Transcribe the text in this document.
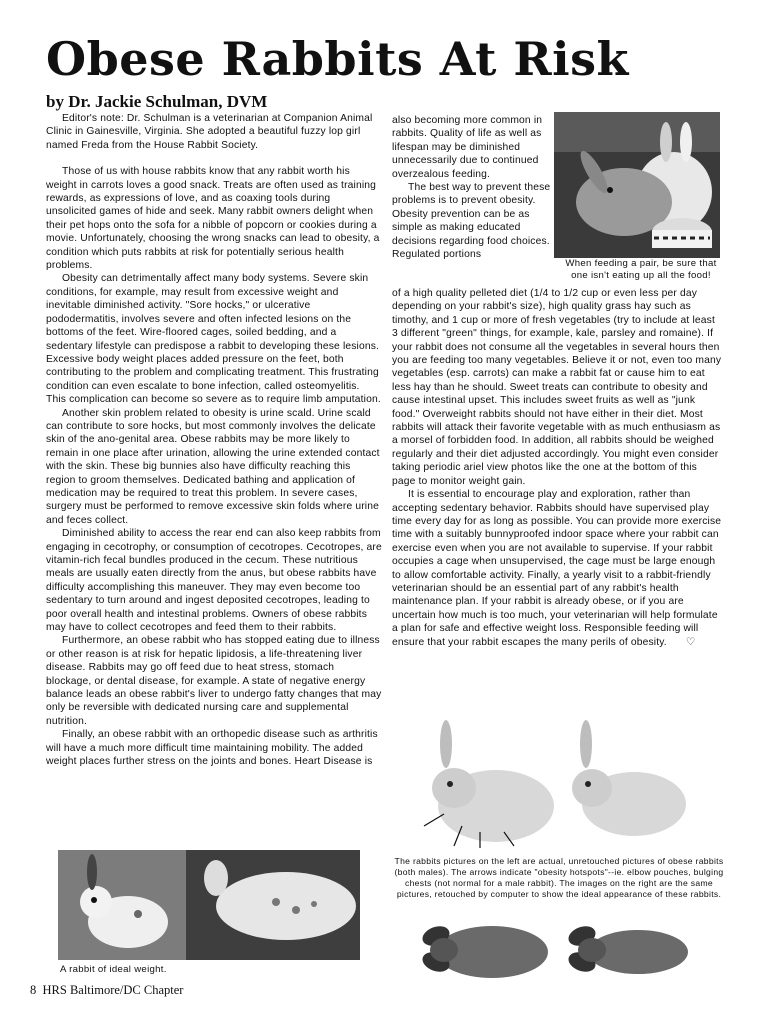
Obese Rabbits At Risk
by Dr. Jackie Schulman, DVM

Editor's note: Dr. Schulman is a veterinarian at Companion Animal Clinic in Gainesville, Virginia. She adopted a beautiful fuzzy lop girl named Freda from the House Rabbit Society.

Those of us with house rabbits know that any rabbit worth his weight in carrots loves a good snack. Treats are often used as training rewards, as expressions of love, and as coaxing tools during unsolicited games of hide and seek. Many rabbit owners delight when their pet hops onto the sofa for a nibble of popcorn or cookies during a movie. Unfortunately, choosing the wrong snacks can lead to obesity, a condition which puts rabbits at risk for potentially serious health problems.

Obesity can detrimentally affect many body systems. Severe skin conditions, for example, may result from excessive weight and inevitable diminished activity. "Sore hocks," or ulcerative pododermatitis, involves severe and often infected lesions on the bottoms of the feet. Wire-floored cages, soiled bedding, and a sedentary lifestyle can predispose a rabbit to developing these lesions. Excessive body weight places added pressure on the feet, both contributing to the problem and complicating treatment. This frustrating condition can even escalate to bone infection, called osteomyelitis. This complication can become so severe as to require limb amputation.

Another skin problem related to obesity is urine scald. Urine scald can contribute to sore hocks, but most commonly involves the delicate skin of the ano-genital area. Obese rabbits may be more likely to remain in one place after urination, allowing the urine extended contact with the skin. These big bunnies also have difficulty reaching this region to groom themselves. Dedicated bathing and application of medication may be required to treat this problem. In severe cases, surgery must be performed to remove excessive skin folds where urine and feces collect.

Diminished ability to access the rear end can also keep rabbits from engaging in cecotrophy, or consumption of cecotropes. Cecotropes, are vitamin-rich fecal bundles produced in the cecum. These nutritious meals are usually eaten directly from the anus, but obese rabbits have difficulty accomplishing this maneuver. They may even become too sedentary to turn around and ingest deposited cecotropes, leading to poor overall health and intestinal problems. Owners of obese rabbits may have to collect cecotropes and feed them to their rabbits.

Furthermore, an obese rabbit who has stopped eating due to illness or other reason is at risk for hepatic lipidosis, a life-threatening liver disease. Rabbits may go off feed due to heat stress, stomach blockage, or dental disease, for example. A state of negative energy balance leads an obese rabbit's liver to undergo fatty changes that may only be reversible with dedicated nursing care and supplemental nutrition.

Finally, an obese rabbit with an orthopedic disease such as arthritis will have a much more difficult time maintaining mobility. The added weight places further stress on the joints and bones. Heart Disease is

also becoming more common in rabbits. Quality of life as well as lifespan may be diminished unnecessarily due to continued overzealous feeding.

The best way to prevent these problems is to prevent obesity. Obesity prevention can be as simple as making educated decisions regarding food choices. Regulated portions

When feeding a pair, be sure that one isn't eating up all the food!

of a high quality pelleted diet (1/4 to 1/2 cup or even less per day depending on your rabbit's size), high quality grass hay such as timothy, and 1 cup or more of fresh vegetables (try to include at least 3 different "green" things, for example, kale, parsley and romaine). If your rabbit does not consume all the vegetables in several hours then you are feeding too many vegetables. Believe it or not, even too many vegetables (esp. carrots) can make a rabbit fat or cause him to eat less hay than he should. Sweet treats can contribute to obesity and cause intestinal upset. This includes sweet fruits as well as "junk food." Overweight rabbits should not have either in their diet. Most rabbits will attack their favorite vegetable with as much enthusiasm as a morsel of forbidden food. In addition, all rabbits should be weighed regularly and their diet adjusted accordingly. You might even consider taking periodic ariel view photos like the one at the bottom of this page to monitor weight gain.

It is essential to encourage play and exploration, rather than accepting sedentary behavior. Rabbits should have supervised play time every day for as long as possible. You can provide more exercise time with a suitably bunnyproofed indoor space where your rabbit can exercise even when you are not available to supervise. If your rabbit occupies a cage when unsupervised, the cage must be large enough to allow comfortable activity. Finally, a yearly visit to a rabbit-friendly veterinarian should be an essential part of any rabbit's health maintenance plan. If your rabbit is already obese, or if you are uncertain how much is too much, your veterinarian will help formulate a plan for safe and effective weight loss. Responsible feeding will ensure that your rabbit escapes the many perils of obesity. ♡

The rabbits pictures on the left are actual, unretouched pictures of obese rabbits (both males). The arrows indicate "obesity hotspots"--ie. elbow pouches, bulging chests (not normal for a male rabbit). The images on the right are the same pictures, retouched by computer to show the ideal appearance of these rabbits.
A rabbit of ideal weight.
8 HRS Baltimore/DC Chapter
